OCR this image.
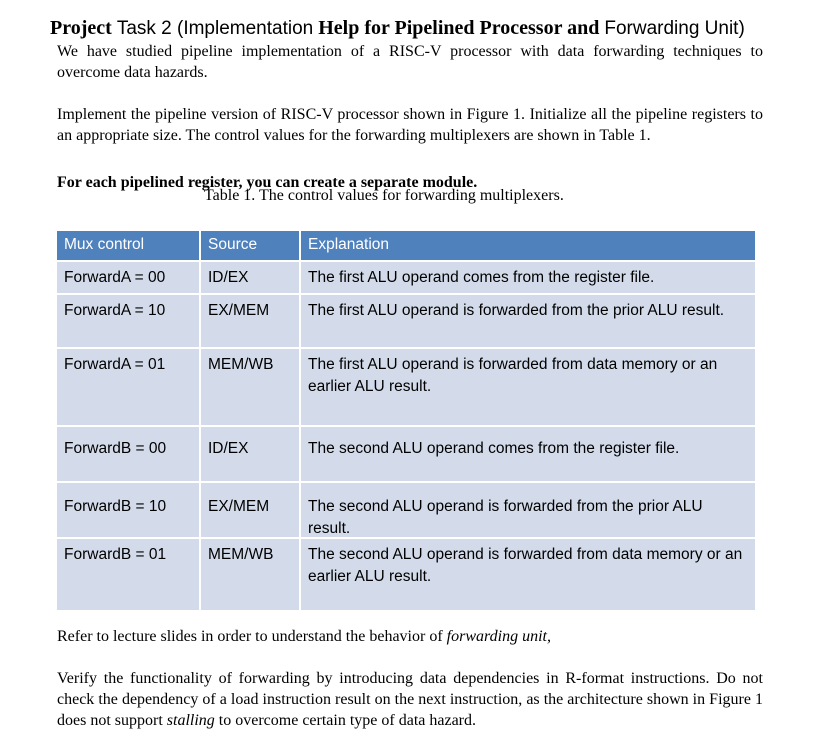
Project Task 2 (Implementation Help for Pipelined Processor and Forwarding Unit)
We have studied pipeline implementation of a RISC-V processor with data forwarding techniques to overcome data hazards.
Implement the pipeline version of RISC-V processor shown in Figure 1. Initialize all the pipeline registers to an appropriate size. The control values for the forwarding multiplexers are shown in Table 1.
For each pipelined register, you can create a separate module.
Table 1. The control values for forwarding multiplexers.
Mux control	Source	Explanation
ForwardA = 00	ID/EX	The first ALU operand comes from the register file.
ForwardA = 10	EX/MEM	The first ALU operand is forwarded from the prior ALU result.
ForwardA = 01	MEM/WB	The first ALU operand is forwarded from data memory or an earlier ALU result.
ForwardB = 00	ID/EX	The second ALU operand comes from the register file.
ForwardB = 10	EX/MEM	The second ALU operand is forwarded from the prior ALU result.
ForwardB = 01	MEM/WB	The second ALU operand is forwarded from data memory or an earlier ALU result.
Refer to lecture slides in order to understand the behavior of forwarding unit,
Verify the functionality of forwarding by introducing data dependencies in R-format instructions. Do not check the dependency of a load instruction result on the next instruction, as the architecture shown in Figure 1 does not support stalling to overcome certain type of data hazard.
